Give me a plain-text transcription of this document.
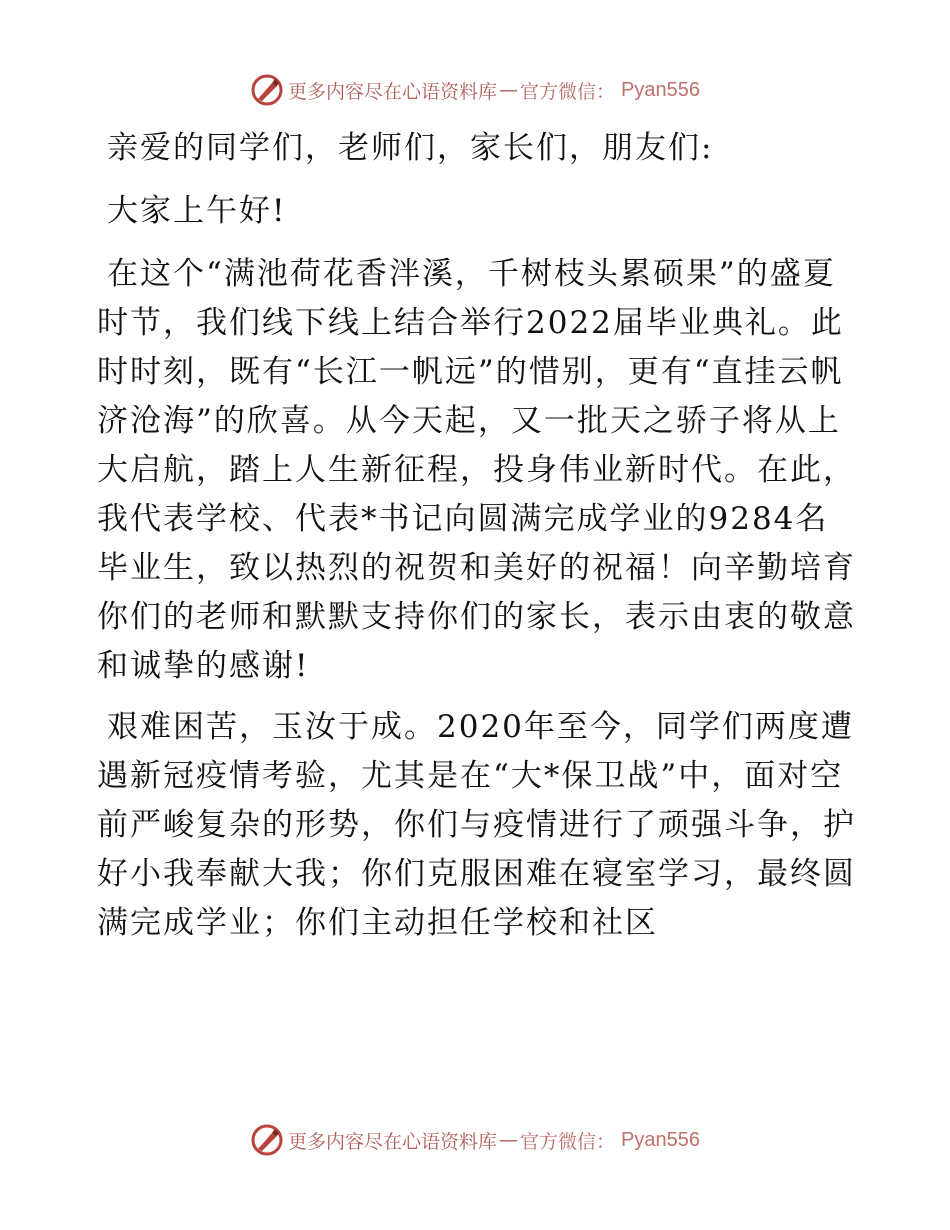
更多内容尽在心语资料库 — 官方微信 ： Pyan556

亲爱的同学们，老师们，家长们，朋友们:

大家上午好!

在这个“满池荷花香泮溪，千树枝头累硕果”的盛夏时节，我们线下线上结合举行2022届毕业典礼。此时时刻，既有“长江一帆远”的惜别，更有“直挂云帆济沧海”的欣喜。从今天起，又一批天之骄子将从上大启航，踏上人生新征程，投身伟业新时代。在此，我代表学校、代表*书记向圆满完成学业的9284名毕业生，致以热烈的祝贺和美好的祝福！向辛勤培育你们的老师和默默支持你们的家长，表示由衷的敬意和诚挚的感谢!

艰难困苦，玉汝于成。2020年至今，同学们两度遭遇新冠疫情考验，尤其是在“大*保卫战”中，面对空前严峻复杂的形势，你们与疫情进行了顽强斗争，护好小我奉献大我；你们克服困难在寝室学习，最终圆满完成学业；你们主动担任学校和社区

更多内容尽在心语资料库 — 官方微信 ： Pyan556
